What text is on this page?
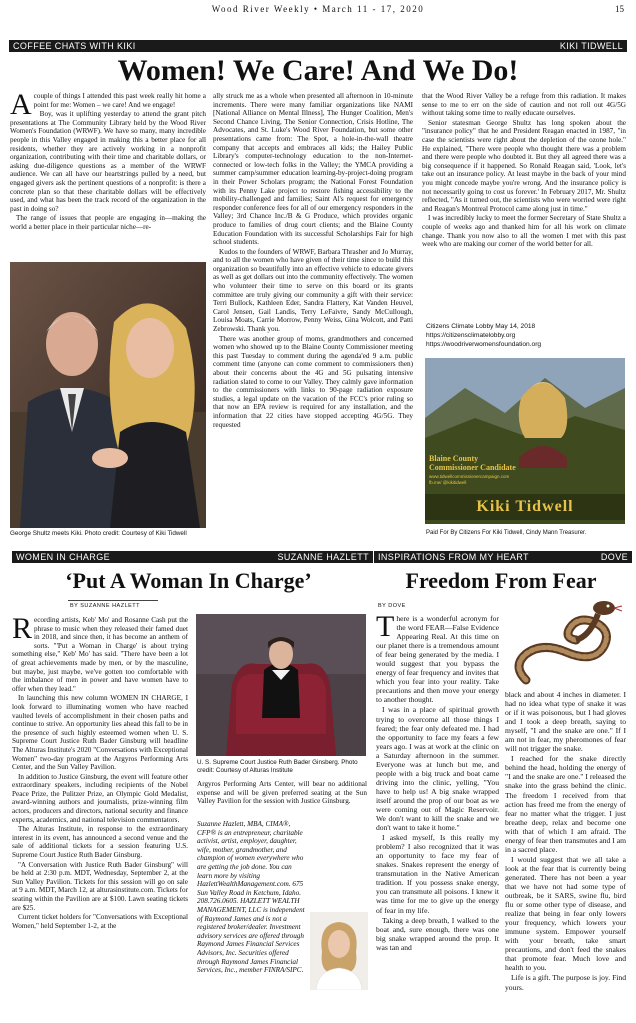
Wood River Weekly • March 11 - 17, 2020	15
COFFEE CHATS WITH KIKI	KIKI TIDWELL
Women! We Care! And We Do!

Acouple of things I attended this past week really hit home a point for me: Women – we care! And we engage!

Boy, was it uplifting yesterday to attend the grant pitch presentations at The Community Library held by the Wood River Women's Foundation (WRWF). We have so many, many incredible people in this Valley engaged in making this a better place for all residents, whether they are actively working in a nonprofit organization, contributing with their time and charitable dollars, or asking due-diligence questions as a member of the WRWF audience. We can all have our heartstrings pulled by a need, but engaged givers ask the pertinent questions of a nonprofit: is there a concrete plan so that these charitable dollars will be effectively used, and what has been the track record of the organization in the past in doing so?

The range of issues that people are engaging in—making the world a better place in their particular niche—re-

George Shultz meets Kiki. Photo credit: Courtesy of Kiki Tidwell

ally struck me as a whole when presented all afternoon in 10-minute increments. There were many familiar organizations like NAMI [National Alliance on Mental Illness], The Hunger Coalition, Men's Second Chance Living, The Senior Connection, Crisis Hotline, The Advocates, and St. Luke's Wood River Foundation, but some other presentations came from: The Spot, a hole-in-the-wall theatre company that accepts and embraces all kids; the Hailey Public Library's computer-technology education to the non-Internet-connected or low-tech folks in the Valley; the YMCA providing a summer camp/summer education learning-by-project-doing program in their Power Scholars program; the National Forest Foundation with its Penny Lake project to restore fishing accessibility to the mobility-challenged and families; Saint Al's request for emergency responder conference fees for all of our emergency responders in the Valley; 3rd Chance Inc./B & G Produce, which provides organic produce to families of drug court clients; and the Blaine County Education Foundation with its successful Scholarships Fair for high school students.

Kudos to the founders of WRWF, Barbara Thrasher and Jo Murray, and to all the women who have given of their time since to build this organization so beautifully into an effective vehicle to educate givers as well as get dollars out into the community effectively. The women who volunteer their time to serve on this board or its grants committee are truly giving our community a gift with their service: Terri Bullock, Kathleen Eder, Sandra Flattery, Kat Vanden Heuvel, Carol Jensen, Gail Landis, Terry LeFaivre, Sandy McCullough, Louisa Moats, Carrie Morrow, Penny Weiss, Gina Wolcott, and Patti Zebrowski. Thank you.

There was another group of moms, grandmothers and concerned women who showed up to the Blaine County Commissioner meeting this past Tuesday to comment during the agenda'ed 9 a.m. public comment time (anyone can come comment to commissioners then) about their concerns about the 4G and 5G pulsating intensive radiation slated to come to our Valley. They calmly gave information to the commissioners with links to 90-page radiation exposure studies, a legal update on the vacation of the FCC's prior ruling so that now an EPA review is required for any installation, and the information that 22 cities have stopped accepting 4G/5G. They requested

that the Wood River Valley be a refuge from this radiation. It makes sense to me to err on the side of caution and not roll out 4G/5G without taking some time to really educate ourselves.

Senior statesman George Shultz has long spoken about the "insurance policy" that he and President Reagan enacted in 1987, "in case the scientists were right about the depletion of the ozone hole." He explained, "There were people who thought there was a problem and there were people who doubted it. But they all agreed there was a big consequence if it happened. So Ronald Reagan said, 'Look, let's take out an insurance policy. At least maybe in the back of your mind you might concede maybe you're wrong. And the insurance policy is not necessarily going to cost us forever.' In February 2017, Mr. Shultz reflected, "As it turned out, the scientists who were worried were right and Reagan's Montreal Protocol came along just in time."

I was incredibly lucky to meet the former Secretary of State Shultz a couple of weeks ago and thanked him for all his work on climate change. Thank you now also to all the women I met with this past week who are making our corner of the world better for all.

Citizens Climate Lobby May 14, 2018
https://citizensclimatelobby.org
https://woodriverwomensfoundation.org
Blaine County
Commissioner Candidate
www.tidwellcommissionercampaign.com
fb.me/ @kikitidwell
Kiki Tidwell
Paid For By Citizens For Kiki Tidwell, Cindy Mann Treasurer.
WOMEN IN CHARGE	SUZANNE HAZLETT
‘Put A Woman In Charge’
BY SUZANNE HAZLETT

Recording artists, Keb' Mo' and Rosanne Cash put the phrase to music when they released their famed duet in 2018, and since then, it has become an anthem of sorts. "'Put a Woman in Charge' is about trying something else," Keb' Mo' has said. "There have been a lot of great achievements made by men, or by the masculine, but maybe, just maybe, we've gotten too comfortable with the imbalance of men in power and have women have to offer when they lead."

In launching this new column WOMEN IN CHARGE, I look forward to illuminating women who have reached vaulted levels of accomplishment in their chosen paths and continue to strive. An opportunity lies ahead this fall to be in the presence of such highly esteemed women when U. S. Supreme Court Justice Ruth Bader Ginsburg will headline The Alturas Institute's 2020 "Conversations with Exceptional Women" two-day program at the Argyros Performing Arts Center, and the Sun Valley Pavilion.

In addition to Justice Ginsburg, the event will feature other extraordinary speakers, including recipients of the Nobel Peace Prize, the Pulitzer Prize, an Olympic Gold Medalist, award-winning authors and journalists, prize-winning film actors, producers and directors, national security and finance experts, academics, and national television commentators.

The Alturas Institute, in response to the extraordinary interest in its event, has announced a second venue and the sale of additional tickets for a session featuring U.S. Supreme Court Justice Ruth Bader Ginsburg.

"A Conversation with Justice Ruth Bader Ginsburg" will be held at 2:30 p.m. MDT, Wednesday, September 2, at the Sun Valley Pavilion. Tickets for this session will go on sale at 9 a.m. MDT, March 12, at alturasinstitute.com. Tickets for seating within the Pavilion are at $100. Lawn seating tickets are $25.

Current ticket holders for "Conversations with Exceptional Women," held September 1-2, at the

U. S. Supreme Court Justice Ruth Bader Ginsberg. Photo credit: Courtesy of Alturas Institute

Argyros Performing Arts Center, will bear no additional expense and will be given preferred seating at the Sun Valley Pavilion for the session with Justice Ginsburg.

Suzanne Hazlett, MBA, CIMA®, CFP® is an entrepreneur, charitable activist, artist, employer, daughter, wife, mother, grandmother, and champion of women everywhere who are getting the job done. You can learn more by visiting HazlettWealthManagement.com. 675 Sun Valley Road in Ketchum, Idaho. 208.726.0605. HAZLETT WEALTH MANAGEMENT, LLC is independent of Raymond James and is not a registered broker/dealer. Investment advisory services are offered through Raymond James Financial Services Advisors, Inc. Securities offered through Raymond James Financial Services, Inc., member FINRA/SIPC.
INSPIRATIONS FROM MY HEART	DOVE
Freedom From Fear
BY DOVE

There is a wonderful acronym for the word FEAR—False Evidence Appearing Real. At this time on our planet there is a tremendous amount of fear being generated by the media. I would suggest that you bypass the energy of fear frequency and invites that which you fear into your reality. Take precautions and then move your energy to another thought.

I was in a place of spiritual growth trying to overcome all those things I feared; the fear only defeated me. I had the opportunity to face my fears a few years ago. I was at work at the clinic on a Saturday afternoon in the summer. Everyone was at lunch but me, and people with a big truck and boat came driving into the clinic, yelling, "You have to help us! A big snake wrapped itself around the prop of our boat as we were coming out of Magic Reservoir. We don't want to kill the snake and we don't want to take it home."

I asked myself, Is this really my problem? I also recognized that it was an opportunity to face my fear of snakes. Snakes represent the energy of transmutation in the Native American tradition. If you possess snake energy, you can transmute all poisons. I knew it was time for me to give up the energy of fear in my life.

Taking a deep breath, I walked to the boat and, sure enough, there was one big snake wrapped around the prop. It was tan and

black and about 4 inches in diameter. I had no idea what type of snake it was or if it was poisonous, but I had gloves and I took a deep breath, saying to myself, "I and the snake are one." If I am not in fear, my pheromones of fear will not trigger the snake.

I reached for the snake directly behind the head, holding the energy of "I and the snake are one." I released the snake into the grass behind the clinic. The freedom I received from that action has freed me from the energy of fear no matter what the trigger. I just breathe deep, relax and become one with that of which I am afraid. The energy of fear then transmutes and I am in a sacred place.

I would suggest that we all take a look at the fear that is currently being generated. There has not been a year that we have not had some type of outbreak, be it SARS, swine flu, bird flu or some other type of disease, and realize that being in fear only lowers your frequency, which lowers your immune system. Empower yourself with your breath, take smart precautions, and don't feed the snakes that promote fear. Much love and health to you.

Life is a gift. The purpose is joy. Find yours.
